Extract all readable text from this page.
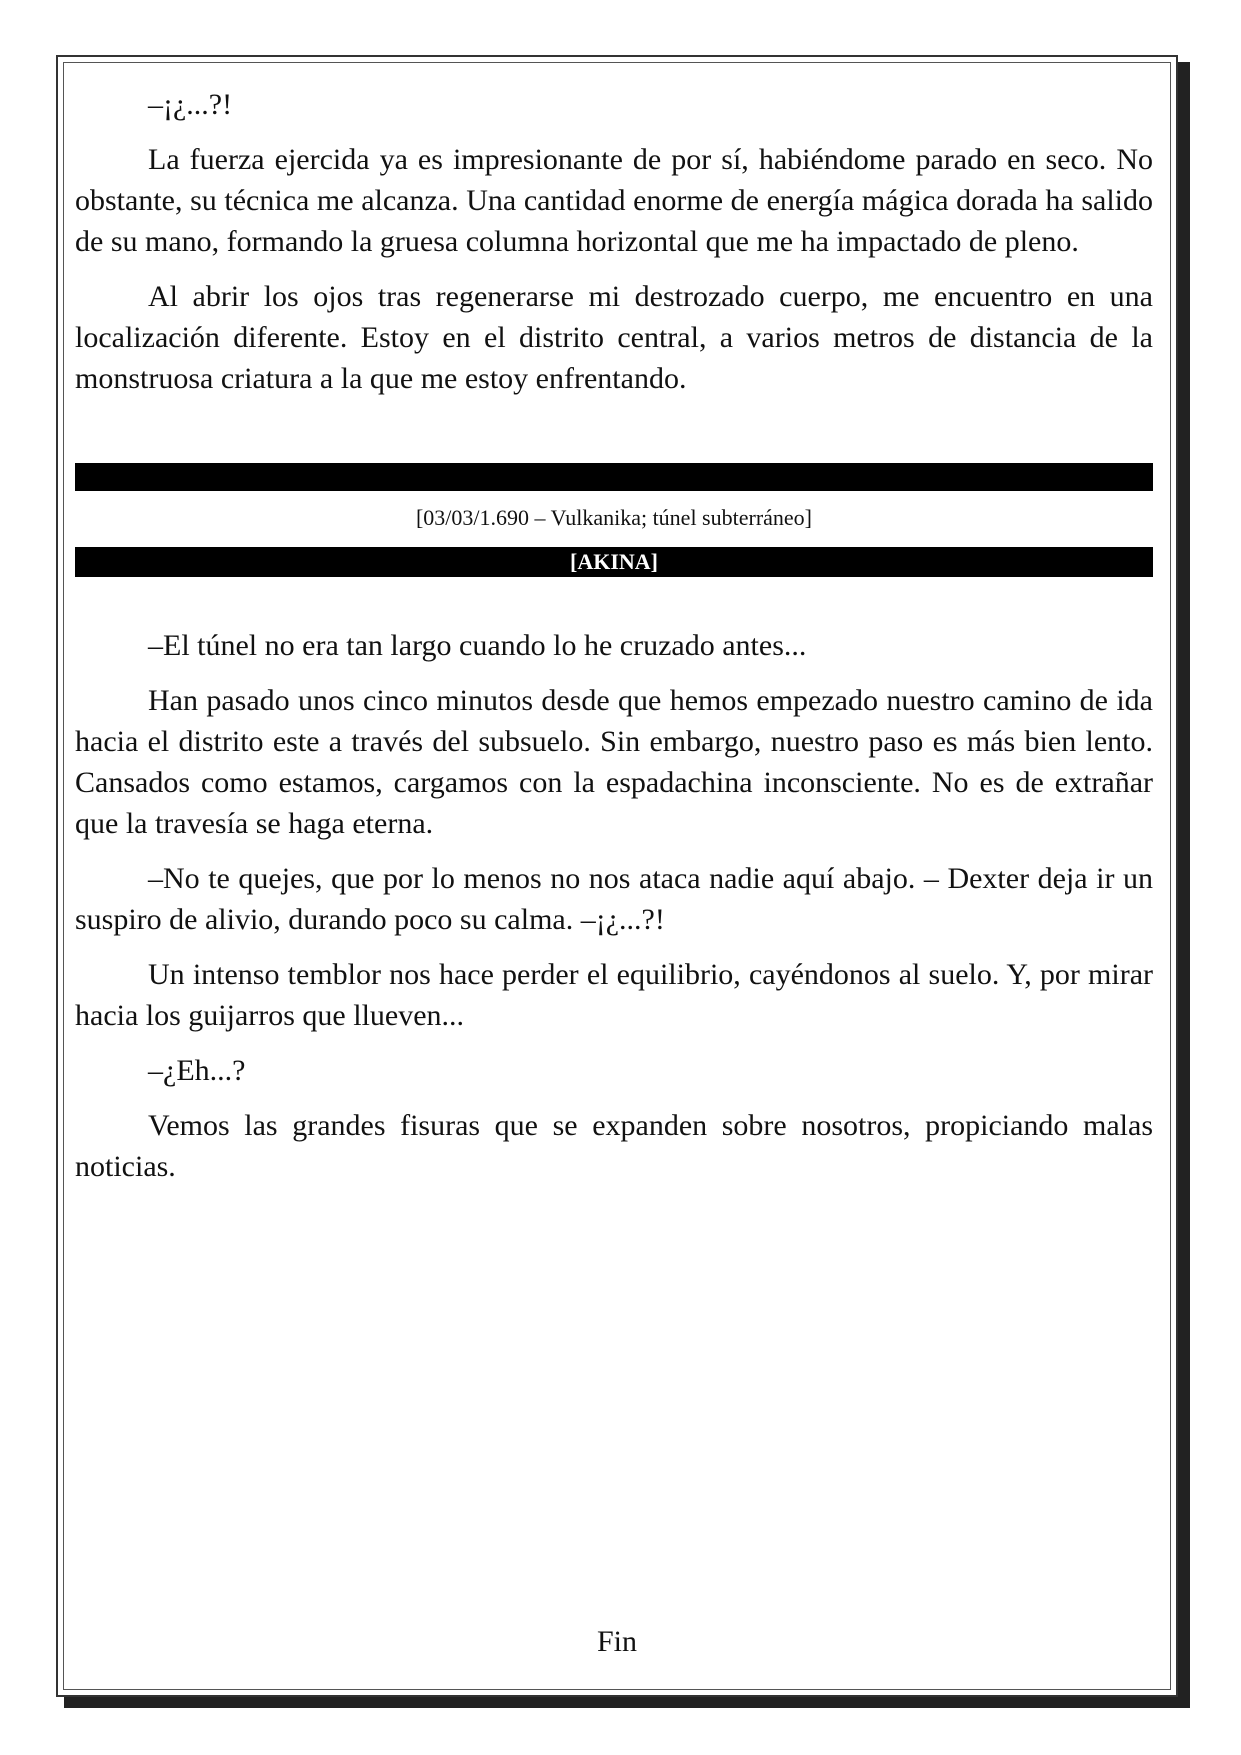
–¡¿...?!

La fuerza ejercida ya es impresionante de por sí, habiéndome parado en seco. No obstante, su técnica me alcanza. Una cantidad enorme de energía mágica dorada ha salido de su mano, formando la gruesa columna horizontal que me ha impactado de pleno.

Al abrir los ojos tras regenerarse mi destrozado cuerpo, me encuentro en una localización diferente. Estoy en el distrito central, a varios metros de distancia de la monstruosa criatura a la que me estoy enfrentando.

[03/03/1.690 – Vulkanika; túnel subterráneo]
[AKINA]

–El túnel no era tan largo cuando lo he cruzado antes...

Han pasado unos cinco minutos desde que hemos empezado nuestro camino de ida hacia el distrito este a través del subsuelo. Sin embargo, nuestro paso es más bien lento. Cansados como estamos, cargamos con la espadachina inconsciente. No es de extrañar que la travesía se haga eterna.

–No te quejes, que por lo menos no nos ataca nadie aquí abajo. – Dexter deja ir un suspiro de alivio, durando poco su calma. –¡¿...?!

Un intenso temblor nos hace perder el equilibrio, cayéndonos al suelo. Y, por mirar hacia los guijarros que llueven...

–¿Eh...?

Vemos las grandes fisuras que se expanden sobre nosotros, propiciando malas noticias.

Fin
